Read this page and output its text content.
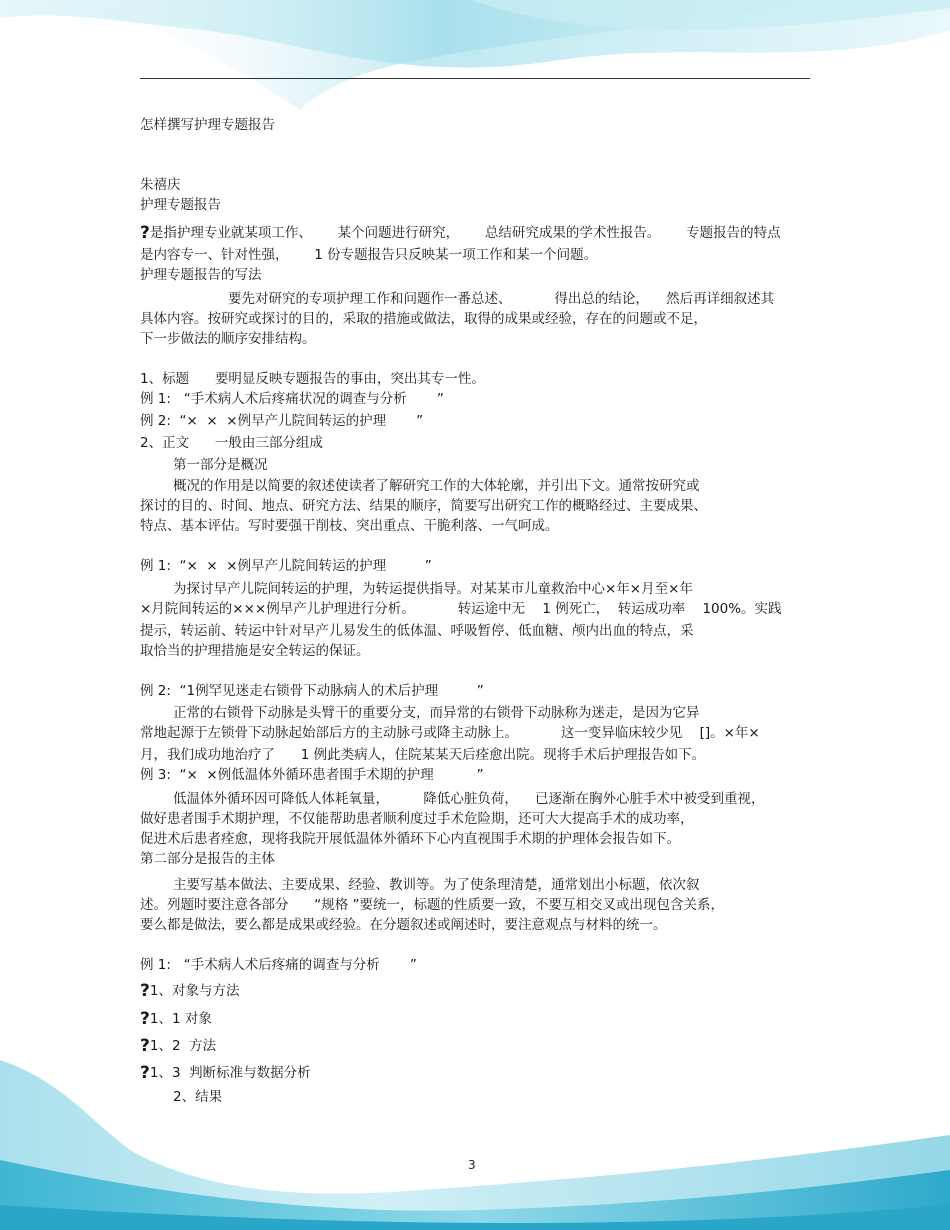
怎样撰写护理专题报告
朱禧庆
护理专题报告
?是指护理专业就某项工作、      某个问题进行研究，      总结研究成果的学术性报告。      专题报告的特点
是内容专一、针对性强，      1 份专题报告只反映某一项工作和某一个问题。
护理专题报告的写法
要先对研究的专项护理工作和问题作一番总述、          得出总的结论，    然后再详细叙述其
具体内容。按研究或探讨的目的，采取的措施或做法，取得的成果或经验，存在的问题或不足，
下一步做法的顺序安排结构。
1、标题      要明显反映专题报告的事由，突出其专一性。
例 1:   “手术病人术后疼痛状况的调查与分析       ”
例 2:  “×  ×  ×例早产儿院间转运的护理       ”
2、正文      一般由三部分组成
第一部分是概况
概况的作用是以简要的叙述使读者了解研究工作的大体轮廓，并引出下文。通常按研究或
探讨的目的、时间、地点、研究方法、结果的顺序，简要写出研究工作的概略经过、主要成果、
特点、基本评估。写时要强干削枝、突出重点、干脆利落、一气呵成。
例 1:  “×  ×  ×例早产儿院间转运的护理         ”
为探讨早产儿院间转运的护理，为转运提供指导。对某某市儿童救治中心×年×月至×年
×月院间转运的×××例早产儿护理进行分析。          转运途中无    1 例死亡，  转运成功率    100%。实践
提示，转运前、转运中针对早产儿易发生的低体温、呼吸暂停、低血糖、颅内出血的特点，采
取恰当的护理措施是安全转运的保证。
例 2:  “1例罕见迷走右锁骨下动脉病人的术后护理         ”
正常的右锁骨下动脉是头臂干的重要分支，而异常的右锁骨下动脉称为迷走，是因为它异
常地起源于左锁骨下动脉起始部后方的主动脉弓或降主动脉上。          这一变异临床较少见    []。×年×
月，我们成功地治疗了      1 例此类病人，住院某某天后痊愈出院。现将手术后护理报告如下。
例 3:  “×  ×例低温体外循环患者围手术期的护理          ”
低温体外循环因可降低人体耗氧量，        降低心脏负荷，    已逐渐在胸外心脏手术中被受到重视，
做好患者围手术期护理，不仅能帮助患者顺利度过手术危险期，还可大大提高手术的成功率，
促进术后患者痊愈，现将我院开展低温体外循环下心内直视围手术期的护理体会报告如下。
第二部分是报告的主体
主要写基本做法、主要成果、经验、教训等。为了使条理清楚，通常划出小标题，依次叙
述。列题时要注意各部分      “规格 ”要统一，标题的性质要一致，不要互相交叉或出现包含关系，
要么都是做法，要么都是成果或经验。在分题叙述或阐述时，要注意观点与材料的统一。
例 1:   “手术病人术后疼痛的调查与分析       ”
?1、对象与方法
?1、1 对象
?1、2  方法
?1、3  判断标准与数据分析
2、结果
3
